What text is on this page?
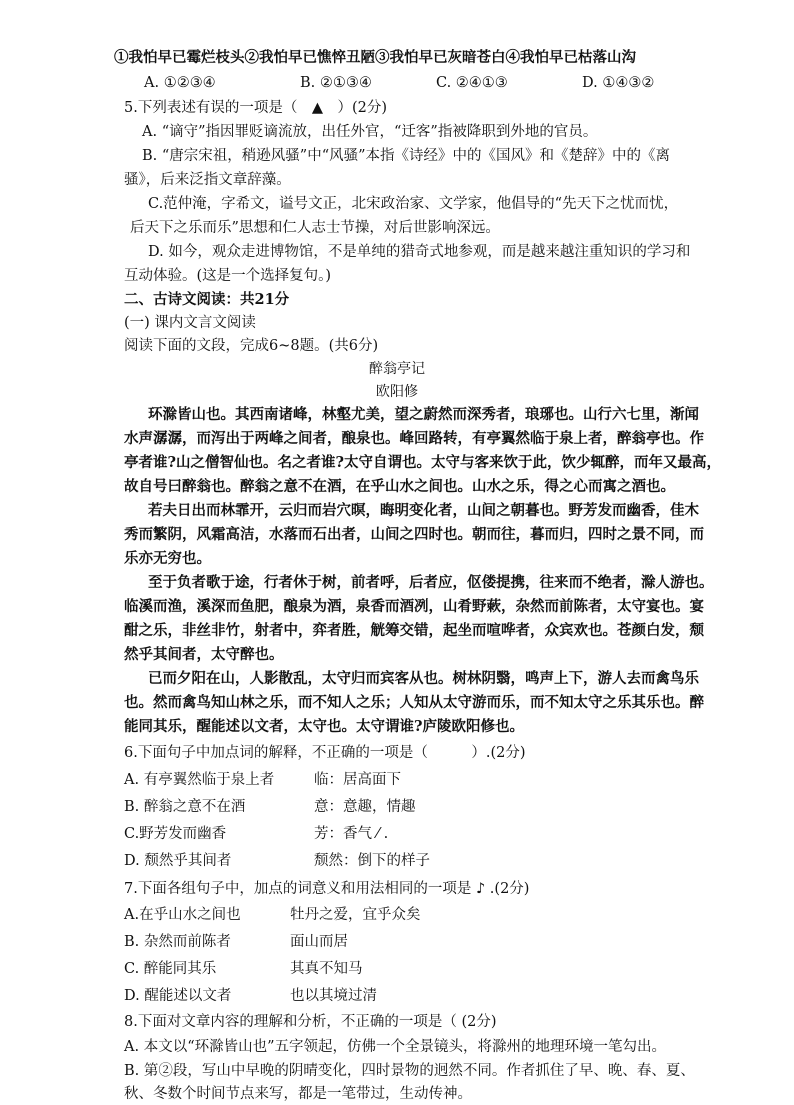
①我怕早已霉烂枝头②我怕早已憔悴丑陋③我怕早已灰暗苍白④我怕早已枯落山沟
A. ①②③④	B. ②①③④	C. ②④①③	D. ①④③②
5.下列表述有误的一项是（　▲　）(2分)
A. “谪守”指因罪贬谪流放，出任外官，“迁客”指被降职到外地的官员。
B. “唐宗宋祖，稍逊风骚”中“风骚”本指《诗经》中的《国风》和《楚辞》中的《离
骚》，后来泛指文章辞藻。
C.范仲淹，字希文，谥号文正，北宋政治家、文学家，他倡导的“先天下之忧而忧，
后天下之乐而乐”思想和仁人志士节操，对后世影响深远。
D. 如今，观众走进博物馆，不是单纯的猎奇式地参观，而是越来越注重知识的学习和
互动体验。(这是一个选择复句。)
二、古诗文阅读：共21分
(一) 课内文言文阅读
阅读下面的文段，完成6~8题。(共6分)
醉翁亭记
欧阳修
环滁皆山也。其西南诸峰，林壑尤美，望之蔚然而深秀者，琅琊也。山行六七里，渐闻
水声潺潺，而泻出于两峰之间者，酿泉也。峰回路转，有亭翼然临于泉上者，醉翁亭也。作
亭者谁?山之僧智仙也。名之者谁?太守自谓也。太守与客来饮于此，饮少辄醉，而年又最高，
故自号曰醉翁也。醉翁之意不在酒，在乎山水之间也。山水之乐，得之心而寓之酒也。
若夫日出而林霏开，云归而岩穴暝，晦明变化者，山间之朝暮也。野芳发而幽香，佳木
秀而繁阴，风霜高洁，水落而石出者，山间之四时也。朝而往，暮而归，四时之景不同，而
乐亦无穷也。
至于负者歌于途，行者休于树，前者呼，后者应，伛偻提携，往来而不绝者，滁人游也。
临溪而渔，溪深而鱼肥，酿泉为酒，泉香而酒冽，山肴野蔌，杂然而前陈者，太守宴也。宴
酣之乐，非丝非竹，射者中，弈者胜，觥筹交错，起坐而喧哗者，众宾欢也。苍颜白发，颓
然乎其间者，太守醉也。
已而夕阳在山，人影散乱，太守归而宾客从也。树林阴翳，鸣声上下，游人去而禽鸟乐
也。然而禽鸟知山林之乐，而不知人之乐；人知从太守游而乐，而不知太守之乐其乐也。醉
能同其乐，醒能述以文者，太守也。太守谓谁?庐陵欧阳修也。
6.下面句子中加点词的解释，不正确的一项是（　　　）.(2分)
A. 有亭翼然临于泉上者	临：居高面下
B. 醉翁之意不在酒	意：意趣，情趣
C.野芳发而幽香	芳：香气 ⁄ .
D. 颓然乎其间者	颓然：倒下的样子
7.下面各组句子中，加点的词意义和用法相同的一项是 ♪ .(2分)
A.在乎山水之间也	牡丹之爱，宜乎众矣
B. 杂然而前陈者	面山而居
C. 醉能同其乐	其真不知马
D. 醒能述以文者	也以其境过清
8.下面对文章内容的理解和分析，不正确的一项是（ (2分)
A. 本文以“环滁皆山也”五字领起，仿佛一个全景镜头，将滁州的地理环境一笔勾出。
B. 第②段，写山中早晚的阴晴变化，四时景物的迥然不同。作者抓住了早、晚、春、夏、
秋、冬数个时间节点来写，都是一笔带过，生动传神。
